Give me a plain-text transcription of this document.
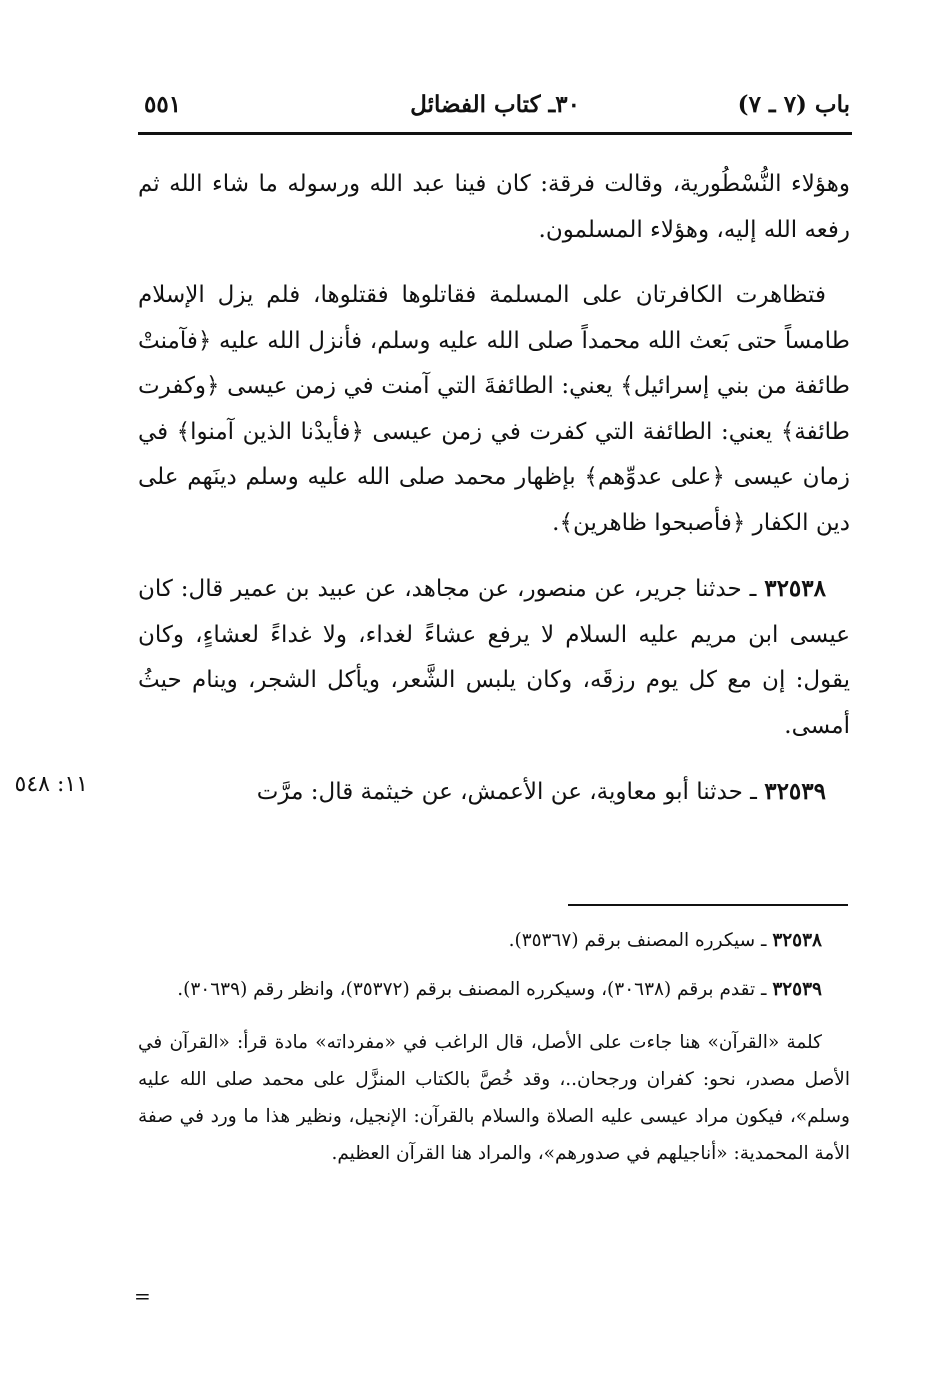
باب (٧ ـ ٧)
٣٠ـ كتاب الفضائل
٥٥١

وهؤلاء النُّسْطُورية، وقالت فرقة: كان فينا عبد الله ورسوله ما شاء الله ثم رفعه الله إليه، وهؤلاء المسلمون.

فتظاهرت الكافرتان على المسلمة فقاتلوها فقتلوها، فلم يزل الإسلام طامساً حتى بَعث الله محمداً صلى الله عليه وسلم، فأنزل الله عليه ﴿فآمنتْ طائفة من بني إسرائيل﴾ يعني: الطائفةَ التي آمنت في زمن عيسى ﴿وكفرت طائفة﴾ يعني: الطائفة التي كفرت في زمن عيسى ﴿فأيدْنا الذين آمنوا﴾ في زمان عيسى ﴿على عدوِّهم﴾ بإظهار محمد صلى الله عليه وسلم دينَهم على دين الكفار ﴿فأصبحوا ظاهرين﴾.

٣٢٥٣٨ ـ حدثنا جرير، عن منصور، عن مجاهد، عن عبيد بن عمير قال: كان عيسى ابن مريم عليه السلام لا يرفع عشاءً لغداء، ولا غداءً لعشاءٍ، وكان يقول: إن مع كل يوم رزقَه، وكان يلبس الشَّعر، ويأكل الشجر، وينام حيثُ أمسى.

٣٢٥٣٩ ـ حدثنا أبو معاوية، عن الأعمش، عن خيثمة قال: مرَّت

١١: ٥٤٨

٣٢٥٣٨ ـ سيكرره المصنف برقم (٣٥٣٦٧).

٣٢٥٣٩ ـ تقدم برقم (٣٠٦٣٨)، وسيكرره المصنف برقم (٣٥٣٧٢)، وانظر رقم (٣٠٦٣٩).

كلمة «القرآن» هنا جاءت على الأصل، قال الراغب في «مفرداته» مادة قرأ: «القرآن في الأصل مصدر، نحو: كفران ورجحان..، وقد خُصَّ بالكتاب المنزَّل على محمد صلى الله عليه وسلم»، فيكون مراد عيسى عليه الصلاة والسلام بالقرآن: الإنجيل، ونظير هذا ما ورد في صفة الأمة المحمدية: «أناجيلهم في صدورهم»، والمراد هنا القرآن العظيم.

=
